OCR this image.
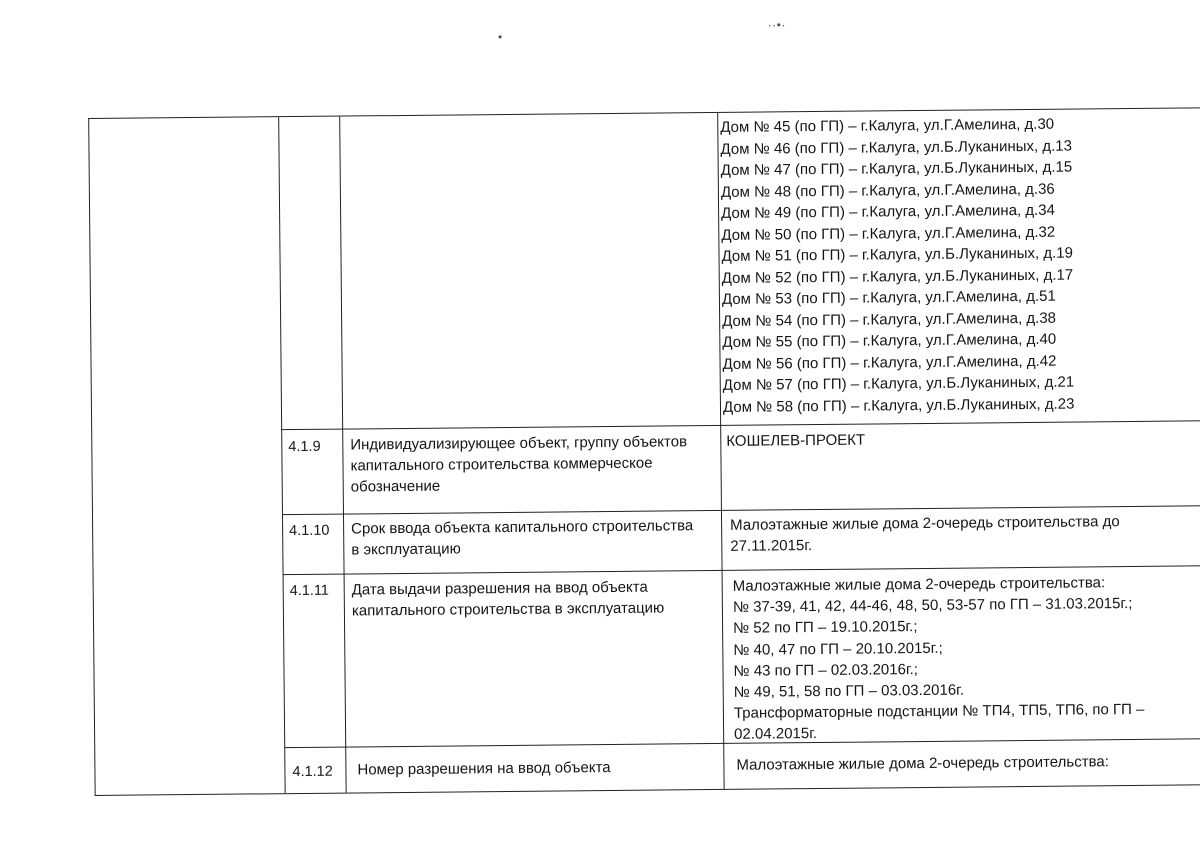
•
∙∙•∙
Дом № 45 (по ГП) – г.Калуга, ул.Г.Амелина, д.30
Дом № 46 (по ГП) – г.Калуга, ул.Б.Луканиных, д.13
Дом № 47 (по ГП) – г.Калуга, ул.Б.Луканиных, д.15
Дом № 48 (по ГП) – г.Калуга, ул.Г.Амелина, д.36
Дом № 49 (по ГП) – г.Калуга, ул.Г.Амелина, д.34
Дом № 50 (по ГП) – г.Калуга, ул.Г.Амелина, д.32
Дом № 51 (по ГП) – г.Калуга, ул.Б.Луканиных, д.19
Дом № 52 (по ГП) – г.Калуга, ул.Б.Луканиных, д.17
Дом № 53 (по ГП) – г.Калуга, ул.Г.Амелина, д.51
Дом № 54 (по ГП) – г.Калуга, ул.Г.Амелина, д.38
Дом № 55 (по ГП) – г.Калуга, ул.Г.Амелина, д.40
Дом № 56 (по ГП) – г.Калуга, ул.Г.Амелина, д.42
Дом № 57 (по ГП) – г.Калуга, ул.Б.Луканиных, д.21
Дом № 58 (по ГП) – г.Калуга, ул.Б.Луканиных, д.23
4.1.9 Индивидуализирующее объект, группу объектов
капитального строительства коммерческое
обозначение
КОШЕЛЕВ-ПРОЕКТ
4.1.10 Срок ввода объекта капитального строительства
в эксплуатацию
Малоэтажные жилые дома 2-очередь строительства до
27.11.2015г.
4.1.11 Дата выдачи разрешения на ввод объекта
капитального строительства в эксплуатацию
Малоэтажные жилые дома 2-очередь строительства:
№ 37-39, 41, 42, 44-46, 48, 50, 53-57 по ГП – 31.03.2015г.;
№ 52 по ГП – 19.10.2015г.;
№ 40, 47 по ГП – 20.10.2015г.;
№ 43 по ГП – 02.03.2016г.;
№ 49, 51, 58 по ГП – 03.03.2016г.
Трансформаторные подстанции № ТП4, ТП5, ТП6, по ГП –
02.04.2015г.
4.1.12 Номер разрешения на ввод объекта	Малоэтажные жилые дома 2-очередь строительства:
